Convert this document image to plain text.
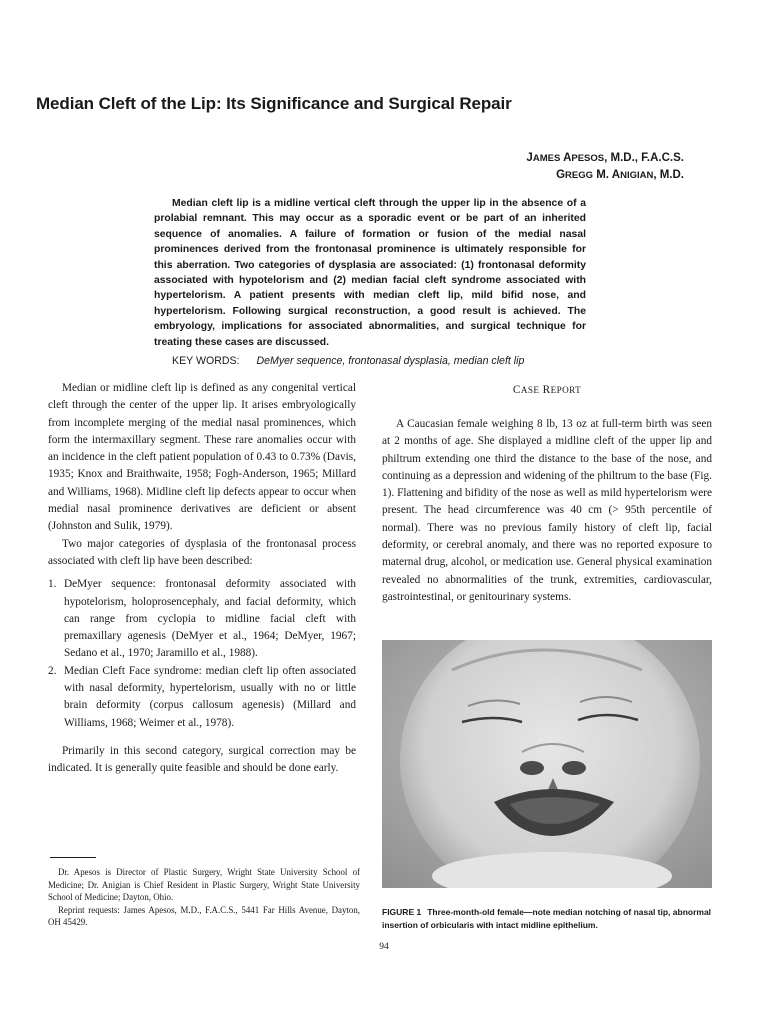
Median Cleft of the Lip: Its Significance and Surgical Repair
JAMES APESOS, M.D., F.A.C.S.
GREGG M. ANIGIAN, M.D.

Median cleft lip is a midline vertical cleft through the upper lip in the absence of a prolabial remnant. This may occur as a sporadic event or be part of an inherited sequence of anomalies. A failure of formation or fusion of the medial nasal prominences derived from the frontonasal prominence is ultimately responsible for this aberration. Two categories of dysplasia are associated: (1) frontonasal deformity associated with hypotelorism and (2) median facial cleft syndrome associated with hypertelorism. A patient presents with median cleft lip, mild bifid nose, and hypertelorism. Following surgical reconstruction, a good result is achieved. The embryology, implications for associated abnormalities, and surgical technique for treating these cases are discussed.

KEY WORDS: DeMyer sequence, frontonasal dysplasia, median cleft lip

Median or midline cleft lip is defined as any congenital vertical cleft through the center of the upper lip. It arises embryologically from incomplete merging of the medial nasal prominences, which form the intermaxillary segment. These rare anomalies occur with an incidence in the cleft patient population of 0.43 to 0.73% (Davis, 1935; Knox and Braithwaite, 1958; Fogh-Anderson, 1965; Millard and Williams, 1968). Midline cleft lip defects appear to occur when medial nasal prominence derivatives are deficient or absent (Johnston and Sulik, 1979).

Two major categories of dysplasia of the frontonasal process associated with cleft lip have been described:

1. DeMyer sequence: frontonasal deformity associated with hypotelorism, holoprosencephaly, and facial deformity, which can range from cyclopia to midline facial cleft with premaxillary agenesis (DeMyer et al., 1964; DeMyer, 1967; Sedano et al., 1970; Jaramillo et al., 1988).
2. Median Cleft Face syndrome: median cleft lip often associated with nasal deformity, hypertelorism, usually with no or little brain deformity (corpus callosum agenesis) (Millard and Williams, 1968; Weimer et al., 1978).

Primarily in this second category, surgical correction may be indicated. It is generally quite feasible and should be done early.

Dr. Apesos is Director of Plastic Surgery, Wright State University School of Medicine; Dr. Anigian is Chief Resident in Plastic Surgery, Wright State University School of Medicine; Dayton, Ohio.

Reprint requests: James Apesos, M.D., F.A.C.S., 5441 Far Hills Avenue, Dayton, OH 45429.

CASE REPORT

A Caucasian female weighing 8 lb, 13 oz at full-term birth was seen at 2 months of age. She displayed a midline cleft of the upper lip and philtrum extending one third the distance to the base of the nose, and continuing as a depression and widening of the philtrum to the base (Fig. 1). Flattening and bifidity of the nose as well as mild hypertelorism were present. The head circumference was 40 cm (> 95th percentile of normal). There was no previous family history of cleft lip, facial deformity, or cerebral anomaly, and there was no reported exposure to maternal drug, alcohol, or medication use. General physical examination revealed no abnormalities of the trunk, extremities, cardiovascular, gastrointestinal, or genitourinary systems.

FIGURE 1 Three-month-old female—note median notching of nasal tip, abnormal insertion of orbicularis with intact midline epithelium.
94
